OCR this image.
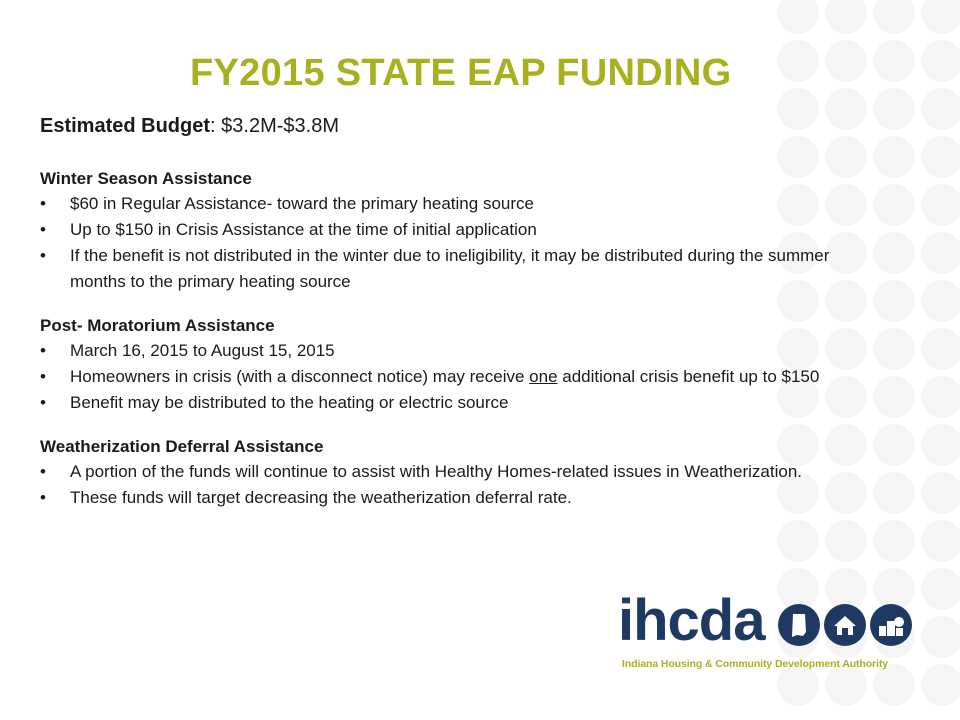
FY2015 STATE EAP FUNDING

Estimated Budget: $3.2M-$3.8M

Winter Season Assistance

• $60 in Regular Assistance- toward the primary heating source
• Up to $150 in Crisis Assistance at the time of initial application
• If the benefit is not distributed in the winter due to ineligibility, it may be distributed during the summer months to the primary heating source

Post- Moratorium Assistance

• March 16, 2015 to August 15, 2015
• Homeowners in crisis (with a disconnect notice) may receive one additional crisis benefit up to $150
• Benefit may be distributed to the heating or electric source

Weatherization Deferral Assistance

• A portion of the funds will continue to assist with Healthy Homes-related issues in Weatherization.
• These funds will target decreasing the weatherization deferral rate.
ihcda
Indiana Housing & Community Development Authority
